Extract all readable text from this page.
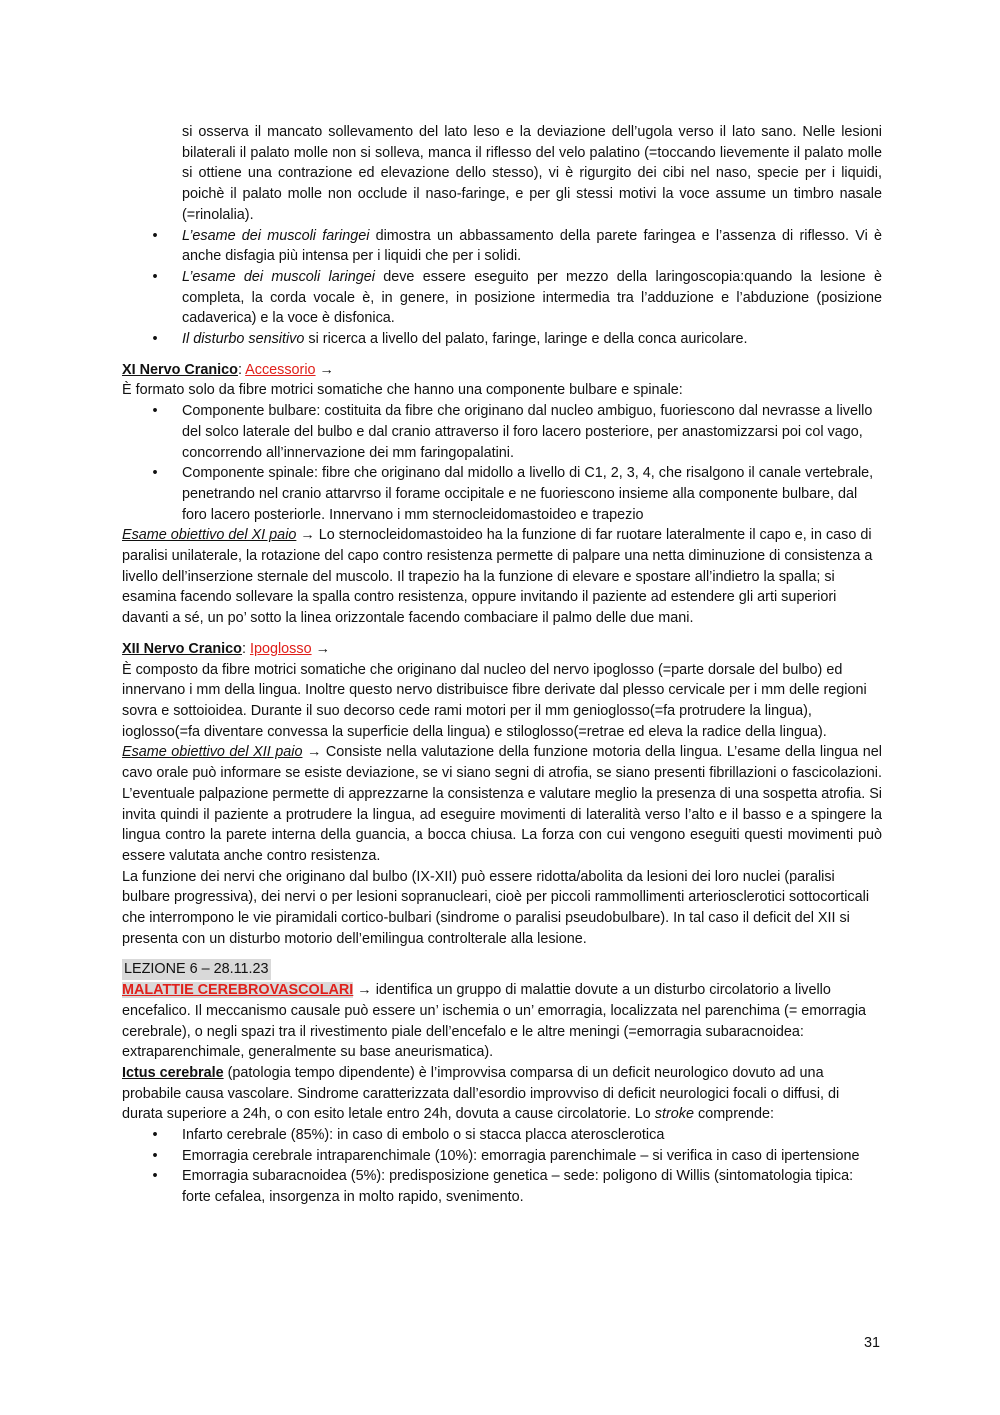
si osserva il mancato sollevamento del lato leso e la deviazione dell’ugola verso il lato sano. Nelle lesioni bilaterali il palato molle non si solleva, manca il riflesso del velo palatino (=toccando lievemente il palato molle si ottiene una contrazione ed elevazione dello stesso), vi è rigurgito dei cibi nel naso, specie per i liquidi, poichè il palato molle non occlude il naso-faringe, e per gli stessi motivi la voce assume un timbro nasale (=rinolalia).

• L’esame dei muscoli faringei dimostra un abbassamento della parete faringea e l’assenza di riflesso. Vi è anche disfagia più intensa per i liquidi che per i solidi.
• L’esame dei muscoli laringei deve essere eseguito per mezzo della laringoscopia:quando la lesione è completa, la corda vocale è, in genere, in posizione intermedia tra l’adduzione e l’abduzione (posizione cadaverica) e la voce è disfonica.
• Il disturbo sensitivo si ricerca a livello del palato, faringe, laringe e della conca auricolare.

XI Nervo Cranico: Accessorio →

È formato solo da fibre motrici somatiche che hanno una componente bulbare e spinale:

• Componente bulbare: costituita da fibre che originano dal nucleo ambiguo, fuoriescono dal nevrasse a livello del solco laterale del bulbo e dal cranio attraverso il foro lacero posteriore, per anastomizzarsi poi col vago, concorrendo all’innervazione dei mm faringopalatini.
• Componente spinale: fibre che originano dal midollo a livello di C1, 2, 3, 4, che risalgono il canale vertebrale, penetrando nel cranio attarvrso il forame occipitale e ne fuoriescono insieme alla componente bulbare, dal foro lacero posteriorle. Innervano i mm sternocleidomastoideo e trapezio

Esame obiettivo del XI paio → Lo sternocleidomastoideo ha la funzione di far ruotare lateralmente il capo e, in caso di paralisi unilaterale, la rotazione del capo contro resistenza permette di palpare una netta diminuzione di consistenza a livello dell’inserzione sternale del muscolo. Il trapezio ha la funzione di elevare e spostare all’indietro la spalla; si esamina facendo sollevare la spalla contro resistenza, oppure invitando il paziente ad estendere gli arti superiori davanti a sé, un po’ sotto la linea orizzontale facendo combaciare il palmo delle due mani.

XII Nervo Cranico: Ipoglosso →

È composto da fibre motrici somatiche che originano dal nucleo del nervo ipoglosso (=parte dorsale del bulbo) ed innervano i mm della lingua. Inoltre questo nervo distribuisce fibre derivate dal plesso cervicale per i mm delle regioni sovra e sottoioidea. Durante il suo decorso cede rami motori per il mm genioglosso(=fa protrudere la lingua), ioglosso(=fa diventare convessa la superficie della lingua) e stiloglosso(=retrae ed eleva la radice della lingua).

Esame obiettivo del XII paio → Consiste nella valutazione della funzione motoria della lingua. L’esame della lingua nel cavo orale può informare se esiste deviazione, se vi siano segni di atrofia, se siano presenti fibrillazioni o fascicolazioni. L’eventuale palpazione permette di apprezzarne la consistenza e valutare meglio la presenza di una sospetta atrofia. Si invita quindi il paziente a protrudere la lingua, ad eseguire movimenti di lateralità verso l’alto e il basso e a spingere la lingua contro la parete interna della guancia, a bocca chiusa. La forza con cui vengono eseguiti questi movimenti può essere valutata anche contro resistenza.

La funzione dei nervi che originano dal bulbo (IX-XII) può essere ridotta/abolita da lesioni dei loro nuclei (paralisi bulbare progressiva), dei nervi o per lesioni sopranucleari, cioè per piccoli rammollimenti arteriosclerotici sottocorticali che interrompono le vie piramidali cortico-bulbari (sindrome o paralisi pseudobulbare). In tal caso il deficit del XII si presenta con un disturbo motorio dell’emilingua controlterale alla lesione.

LEZIONE 6 – 28.11.23

MALATTIE CEREBROVASCOLARI → identifica un gruppo di malattie dovute a un disturbo circolatorio a livello encefalico. Il meccanismo causale può essere un’ ischemia o un’ emorragia, localizzata nel parenchima (= emorragia cerebrale), o negli spazi tra il rivestimento piale dell’encefalo e le altre meningi (=emorragia subaracnoidea: extraparenchimale, generalmente su base aneurismatica).

Ictus cerebrale (patologia tempo dipendente) è l’improvvisa comparsa di un deficit neurologico dovuto ad una probabile causa vascolare. Sindrome caratterizzata dall’esordio improvviso di deficit neurologici focali o diffusi, di durata superiore a 24h, o con esito letale entro 24h, dovuta a cause circolatorie. Lo stroke comprende:

• Infarto cerebrale (85%): in caso di embolo o si stacca placca aterosclerotica
• Emorragia cerebrale intraparenchimale (10%): emorragia parenchimale – si verifica in caso di ipertensione
• Emorragia subaracnoidea (5%): predisposizione genetica – sede: poligono di Willis (sintomatologia tipica: forte cefalea, insorgenza in molto rapido, svenimento.
31
